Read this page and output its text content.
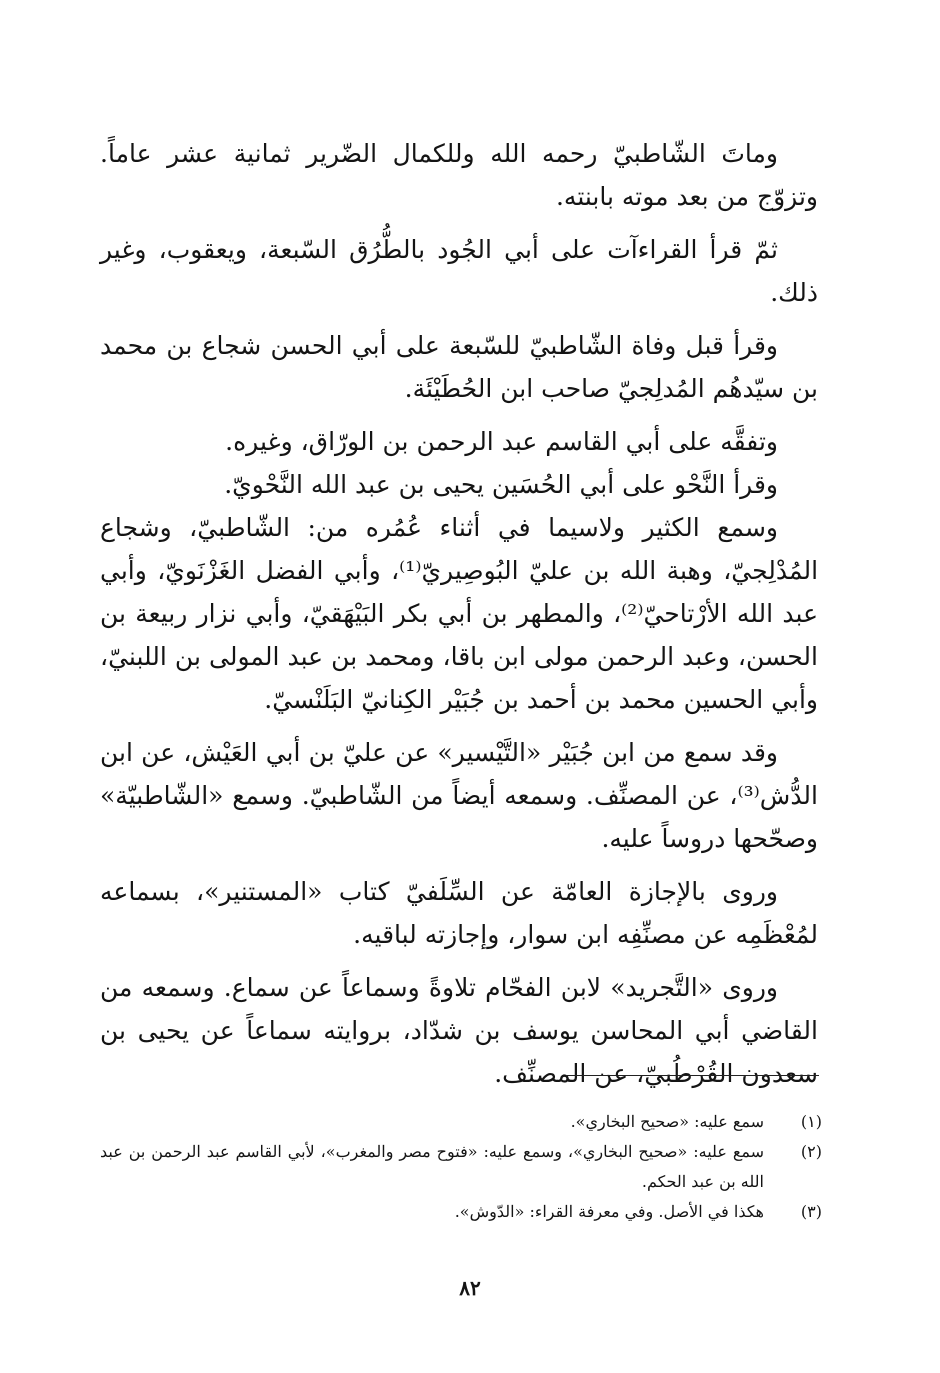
وماتَ الشّاطبيّ رحمه الله وللكمال الضّرير ثمانية عشر عاماً. وتزوّج من بعد موته بابنته.

ثمّ قرأ القراءآت على أبي الجُود بالطُّرُق السّبعة، ويعقوب، وغير ذلك.

وقرأ قبل وفاة الشّاطبيّ للسّبعة على أبي الحسن شجاع بن محمد بن سيّدهُم المُدلِجيّ صاحب ابن الحُطَيْئَة.

وتفقَّه على أبي القاسم عبد الرحمن بن الورّاق، وغيره.

وقرأ النَّحْو على أبي الحُسَين يحيى بن عبد الله النَّحْويّ.

وسمع الكثير ولاسيما في أثناء عُمُره من: الشّاطبيّ، وشجاع المُدْلِجيّ، وهبة الله بن عليّ البُوصِيريّ⁽¹⁾، وأبي الفضل الغَزْنَويّ، وأبي عبد الله الأرْتاحيّ⁽²⁾، والمطهر بن أبي بكر البَيْهَقيّ، وأبي نزار ربيعة بن الحسن، وعبد الرحمن مولى ابن باقا، ومحمد بن عبد المولى بن اللبنيّ، وأبي الحسين محمد بن أحمد بن جُبَيْر الكِنانيّ البَلَنْسيّ.

وقد سمع من ابن جُبَيْر «التَّيْسير» عن عليّ بن أبي العَيْش، عن ابن الدُّش⁽³⁾، عن المصنِّف. وسمعه أيضاً من الشّاطبيّ. وسمع «الشّاطبيّة» وصحّحها دروساً عليه.

وروى بالإجازة العامّة عن السِّلَفيّ كتاب «المستنير»، بسماعه لمُعْظَمِه عن مصنِّفِه ابن سوار، وإجازته لباقيه.

وروى «التَّجريد» لابن الفحّام تلاوةً وسماعاً عن سماع. وسمعه من القاضي أبي المحاسن يوسف بن شدّاد، بروايته سماعاً عن يحيى بن سعدون القُرْطُبيّ، عن المصنِّف.

(١)
سمع عليه: «صحيح البخاري».
(٢)
سمع عليه: «صحيح البخاري»، وسمع عليه: «فتوح مصر والمغرب»، لأبي القاسم عبد الرحمن بن عبد الله بن عبد الحكم.
(٣)
هكذا في الأصل. وفي معرفة القراء: «الدّوش».
٨٢
